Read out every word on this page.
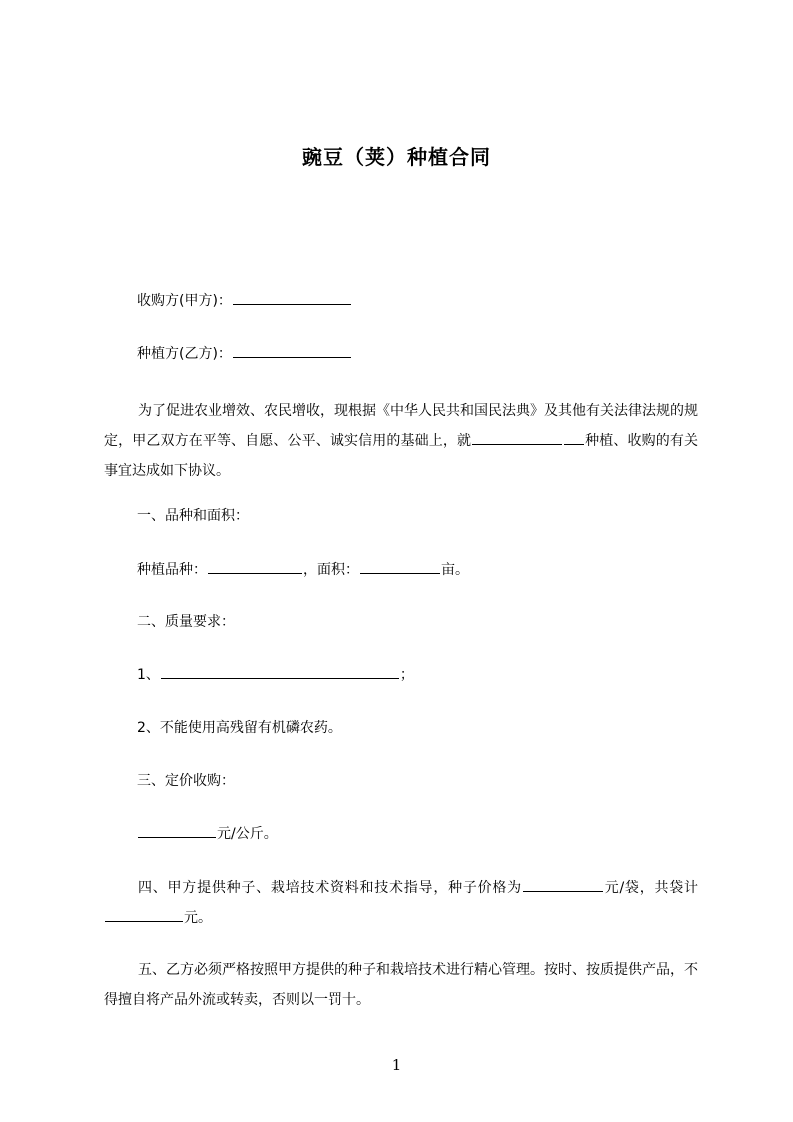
豌豆（荚）种植合同
收购方(甲方)：
种植方(乙方)：
为了促进农业增效、农民增收，现根据《中华人民共和国民法典》及其他有关法律法规的规定，甲乙双方在平等、自愿、公平、诚实信用的基础上，就	种植、收购的有关事宜达成如下协议。
一、品种和面积：
种植品种：	，面积：	亩。
二、质量要求：
1、	；
2、不能使用高残留有机磷农药。
三、定价收购：
元/公斤。
四、甲方提供种子、栽培技术资料和技术指导，种子价格为	元/袋，共袋计元。
五、乙方必须严格按照甲方提供的种子和栽培技术进行精心管理。按时、按质提供产品，不得擅自将产品外流或转卖，否则以一罚十。
1
